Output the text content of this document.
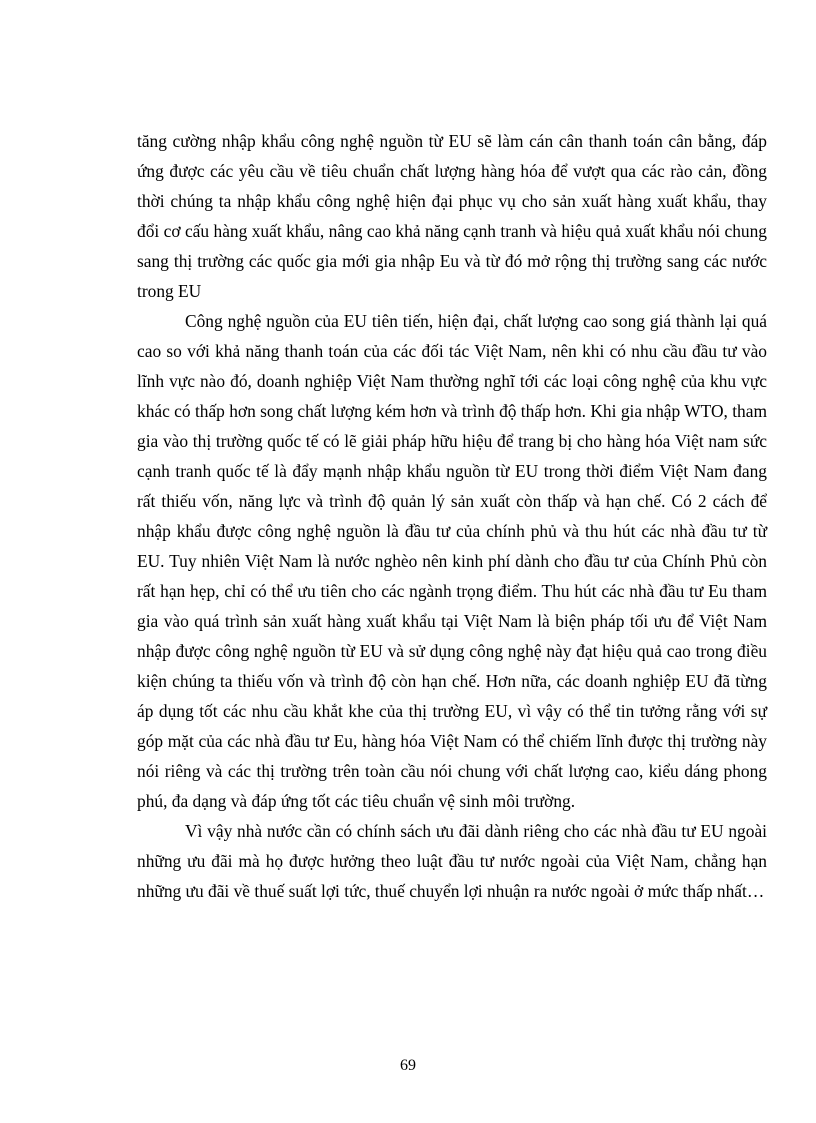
tăng cường nhập khẩu công nghệ nguồn từ EU sẽ làm cán cân thanh toán cân bằng, đáp ứng được các yêu cầu về tiêu chuẩn chất lượng hàng hóa để vượt qua các rào cản, đồng thời chúng ta nhập khẩu công nghệ hiện đại phục vụ cho sản xuất hàng xuất khẩu, thay đổi cơ cấu hàng xuất khẩu, nâng cao khả năng cạnh tranh và hiệu quả xuất khẩu nói chung sang thị trường các quốc gia mới gia nhập Eu và từ đó mở rộng thị trường sang các nước trong EU

Công nghệ nguồn của EU tiên tiến, hiện đại, chất lượng cao song giá thành lại quá cao so với khả năng thanh toán của các đối tác Việt Nam, nên khi có nhu cầu đầu tư vào lĩnh vực nào đó, doanh nghiệp Việt Nam thường nghĩ tới các loại công nghệ của khu vực khác có thấp hơn song chất lượng kém hơn và trình độ thấp hơn. Khi gia nhập WTO, tham gia vào thị trường quốc tế có lẽ giải pháp hữu hiệu để trang bị cho hàng hóa Việt nam sức cạnh tranh quốc tế là đẩy mạnh nhập khẩu nguồn từ EU trong thời điểm Việt Nam đang rất thiếu vốn, năng lực và trình độ quản lý sản xuất còn thấp và hạn chế. Có 2 cách để nhập khẩu được công nghệ nguồn là đầu tư của chính phủ và thu hút các nhà đầu tư từ EU. Tuy nhiên Việt Nam là nước nghèo nên kinh phí dành cho đầu tư của Chính Phủ còn rất hạn hẹp, chỉ có thể ưu tiên cho các ngành trọng điểm. Thu hút các nhà đầu tư Eu tham gia vào quá trình sản xuất hàng xuất khẩu tại Việt Nam là biện pháp tối ưu để Việt Nam nhập được công nghệ nguồn từ EU và sử dụng công nghệ này đạt hiệu quả cao trong điều kiện chúng ta thiếu vốn và trình độ còn hạn chế. Hơn nữa, các doanh nghiệp EU đã từng áp dụng tốt các nhu cầu khắt khe của thị trường EU, vì vậy có thể tin tưởng rằng với sự góp mặt của các nhà đầu tư Eu, hàng hóa Việt Nam có thể chiếm lĩnh được thị trường này nói riêng và các thị trường trên toàn cầu nói chung với chất lượng cao, kiểu dáng phong phú, đa dạng và đáp ứng tốt các tiêu chuẩn vệ sinh môi trường.

Vì vậy nhà nước cần có chính sách ưu đãi dành riêng cho các nhà đầu tư EU ngoài những ưu đãi mà họ được hưởng theo luật đầu tư nước ngoài của Việt Nam, chẳng hạn những ưu đãi về thuế suất lợi tức, thuế chuyển lợi nhuận ra nước ngoài ở mức thấp nhất…

69
